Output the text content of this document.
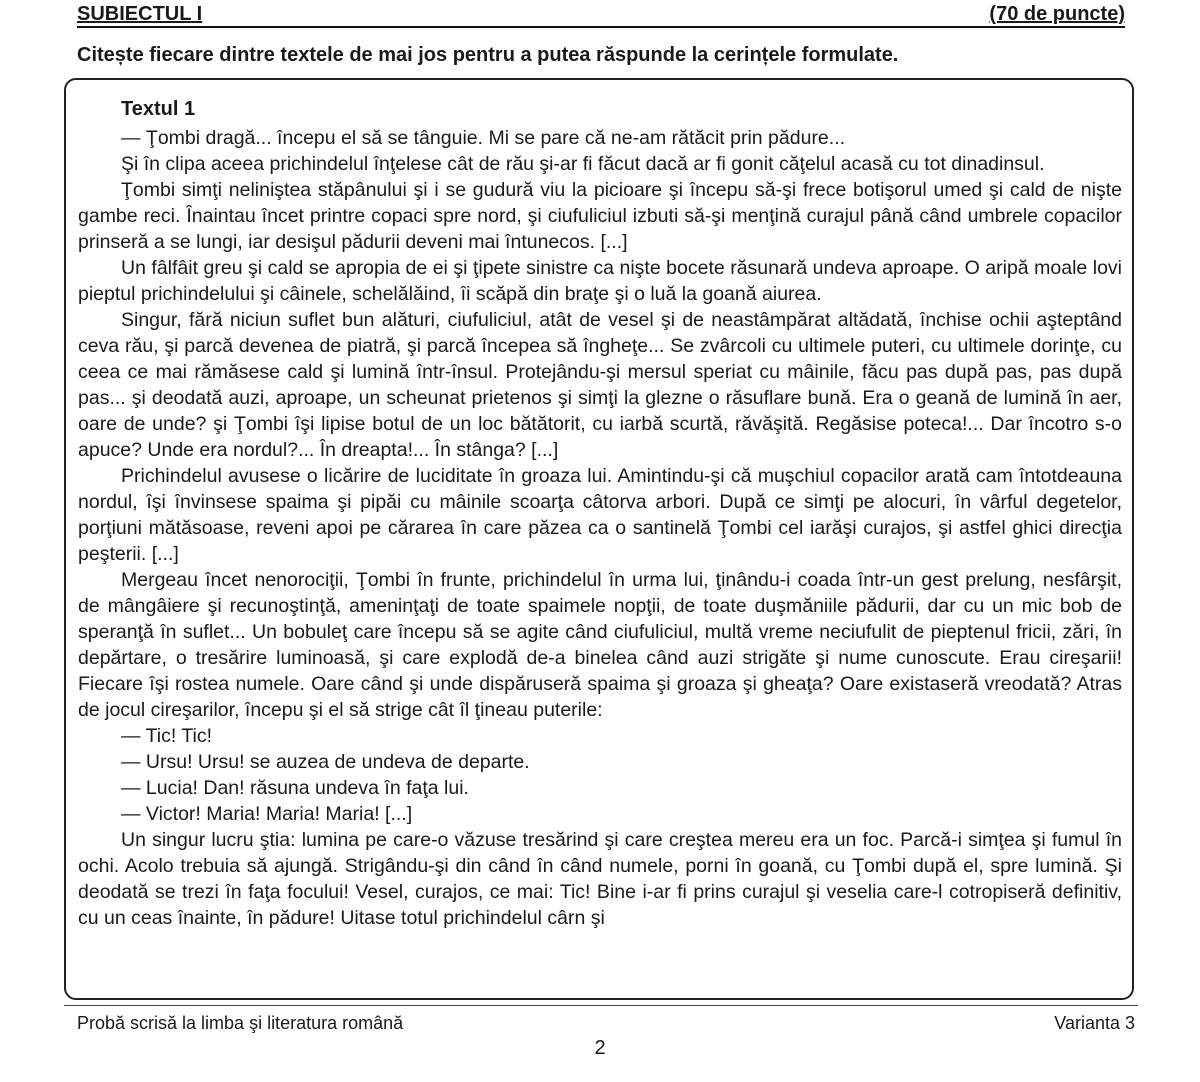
SUBIECTUL I	(70 de puncte)
Citește fiecare dintre textele de mai jos pentru a putea răspunde la cerințele formulate.
Textul 1

— Ţombi dragă... începu el să se tânguie. Mi se pare că ne-am rătăcit prin pădure...

Şi în clipa aceea prichindelul înţelese cât de rău şi-ar fi făcut dacă ar fi gonit căţelul acasă cu tot dinadinsul.

Ţombi simţi neliniştea stăpânului şi i se gudură viu la picioare şi începu să-şi frece botişorul umed şi cald de nişte gambe reci. Înaintau încet printre copaci spre nord, şi ciufuliciul izbuti să-şi menţină curajul până când umbrele copacilor prinseră a se lungi, iar desişul pădurii deveni mai întunecos. [...]

Un fâlfâit greu şi cald se apropia de ei şi ţipete sinistre ca nişte bocete răsunară undeva aproape. O aripă moale lovi pieptul prichindelului şi câinele, schelălăind, îi scăpă din braţe şi o luă la goană aiurea.

Singur, fără niciun suflet bun alături, ciufuliciul, atât de vesel şi de neastâmpărat altădată, închise ochii aşteptând ceva rău, şi parcă devenea de piatră, şi parcă începea să îngheţe... Se zvârcoli cu ultimele puteri, cu ultimele dorinţe, cu ceea ce mai rămăsese cald şi lumină într-însul. Protejându-şi mersul speriat cu mâinile, făcu pas după pas, pas după pas... şi deodată auzi, aproape, un scheunat prietenos şi simţi la glezne o răsuflare bună. Era o geană de lumină în aer, oare de unde? şi Ţombi îşi lipise botul de un loc bătătorit, cu iarbă scurtă, răvăşită. Regăsise poteca!... Dar încotro s-o apuce? Unde era nordul?... În dreapta!... În stânga? [...]

Prichindelul avusese o licărire de luciditate în groaza lui. Amintindu-şi că muşchiul copacilor arată cam întotdeauna nordul, îşi învinsese spaima şi pipăi cu mâinile scoarţa câtorva arbori. După ce simţi pe alocuri, în vârful degetelor, porţiuni mătăsoase, reveni apoi pe cărarea în care păzea ca o santinelă Ţombi cel iarăşi curajos, şi astfel ghici direcţia peşterii. [...]

Mergeau încet nenorociţii, Ţombi în frunte, prichindelul în urma lui, ţinându-i coada într-un gest prelung, nesfârşit, de mângâiere şi recunoştinţă, ameninţaţi de toate spaimele nopţii, de toate duşmăniile pădurii, dar cu un mic bob de speranţă în suflet... Un bobuleţ care începu să se agite când ciufuliciul, multă vreme neciufulit de pieptenul fricii, zări, în depărtare, o tresărire luminoasă, şi care explodă de-a binelea când auzi strigăte şi nume cunoscute. Erau cireşarii! Fiecare îşi rostea numele. Oare când şi unde dispăruseră spaima şi groaza şi gheaţa? Oare existaseră vreodată? Atras de jocul cireşarilor, începu şi el să strige cât îl ţineau puterile:

— Tic! Tic!

— Ursu! Ursu! se auzea de undeva de departe.

— Lucia! Dan! răsuna undeva în faţa lui.

— Victor! Maria! Maria! Maria! [...]

Un singur lucru ştia: lumina pe care-o văzuse tresărind şi care creştea mereu era un foc. Parcă-i simţea şi fumul în ochi. Acolo trebuia să ajungă. Strigându-şi din când în când numele, porni în goană, cu Ţombi după el, spre lumină. Şi deodată se trezi în faţa focului! Vesel, curajos, ce mai: Tic! Bine i-ar fi prins curajul şi veselia care-l cotropiseră definitiv, cu un ceas înainte, în pădure! Uitase totul prichindelul cârn şi

Probă scrisă la limba şi literatura română	Varianta 3
2
